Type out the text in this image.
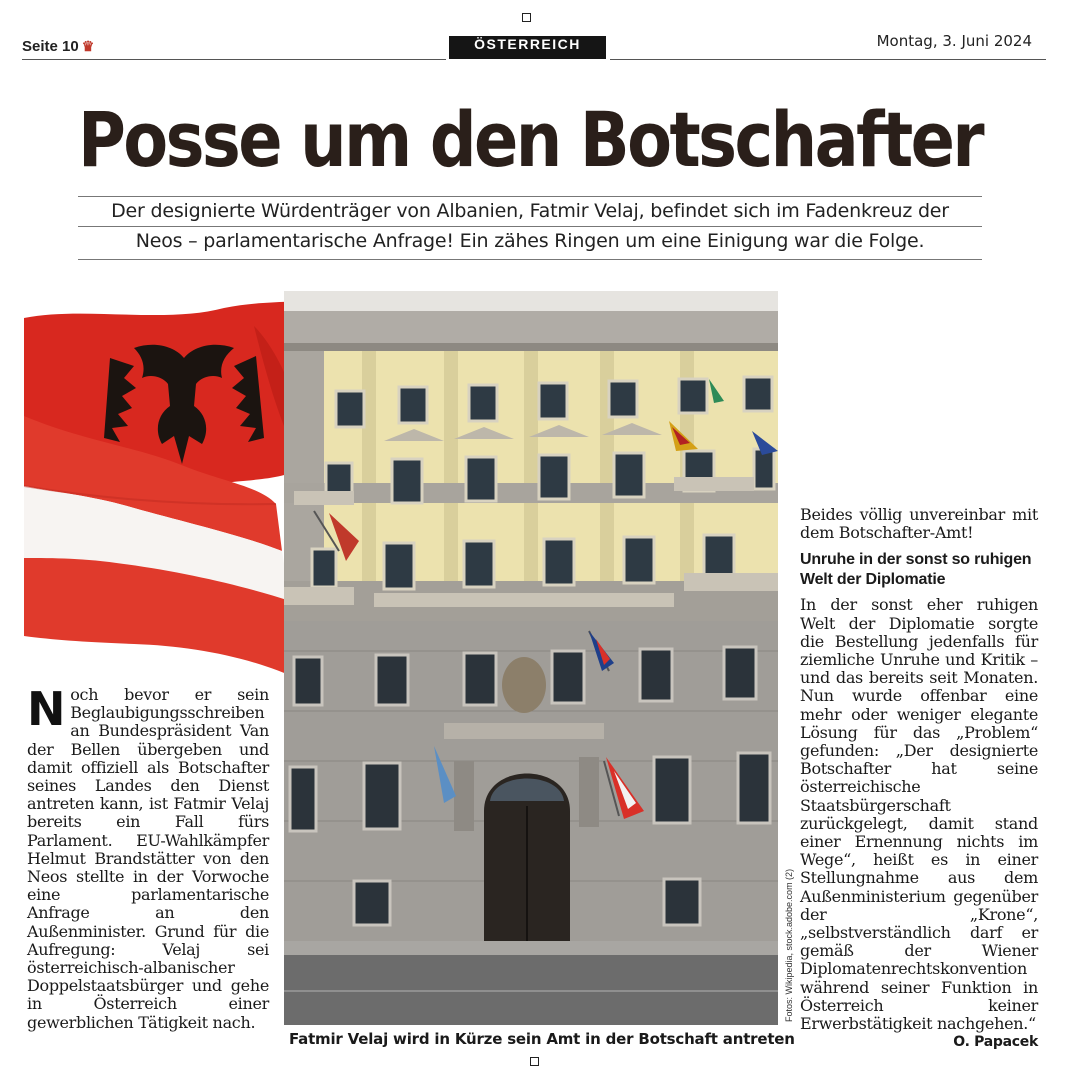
Seite 10 ♛	ÖSTERREICH	Montag, 3. Juni 2024
Posse um den Botschafter
Der designierte Würdenträger von Albanien, Fatmir Velaj, befindet sich im Fadenkreuz der
Neos – parlamentarische Anfrage! Ein zähes Ringen um eine Einigung war die Folge.
Fotos: Wikipedia, stock.adobe.com (2)
Fatmir Velaj wird in Kürze sein Amt in der Botschaft antreten
Noch bevor er sein Beglaubigungsschreiben an Bundespräsident Van der Bellen übergeben und damit offiziell als Botschafter seines Landes den Dienst antreten kann, ist Fatmir Velaj bereits ein Fall fürs Parlament. EU-Wahlkämpfer Helmut Brandstätter von den Neos stellte in der Vorwoche eine parlamentarische Anfrage an den Außenminister. Grund für die Aufregung: Velaj sei österreichisch-albanischer Doppelstaatsbürger und gehe in Österreich einer gewerblichen Tätigkeit nach.

Beides völlig unvereinbar mit dem Botschafter-Amt!

Unruhe in der sonst so ruhigen Welt der Diplomatie

In der sonst eher ruhigen Welt der Diplomatie sorgte die Bestellung jedenfalls für ziemliche Unruhe und Kritik – und das bereits seit Monaten. Nun wurde offenbar eine mehr oder weniger elegante Lösung für das „Problem“ gefunden: „Der designierte Botschafter hat seine österreichische Staatsbürgerschaft zurückgelegt, damit stand einer Ernennung nichts im Wege“, heißt es in einer Stellungnahme aus dem Außenministerium gegenüber der „Krone“, „selbstverständlich darf er gemäß der Wiener Diplomatenrechtskonvention während seiner Funktion in Österreich keiner Erwerbstätigkeit nachgehen.“
O. Papacek
